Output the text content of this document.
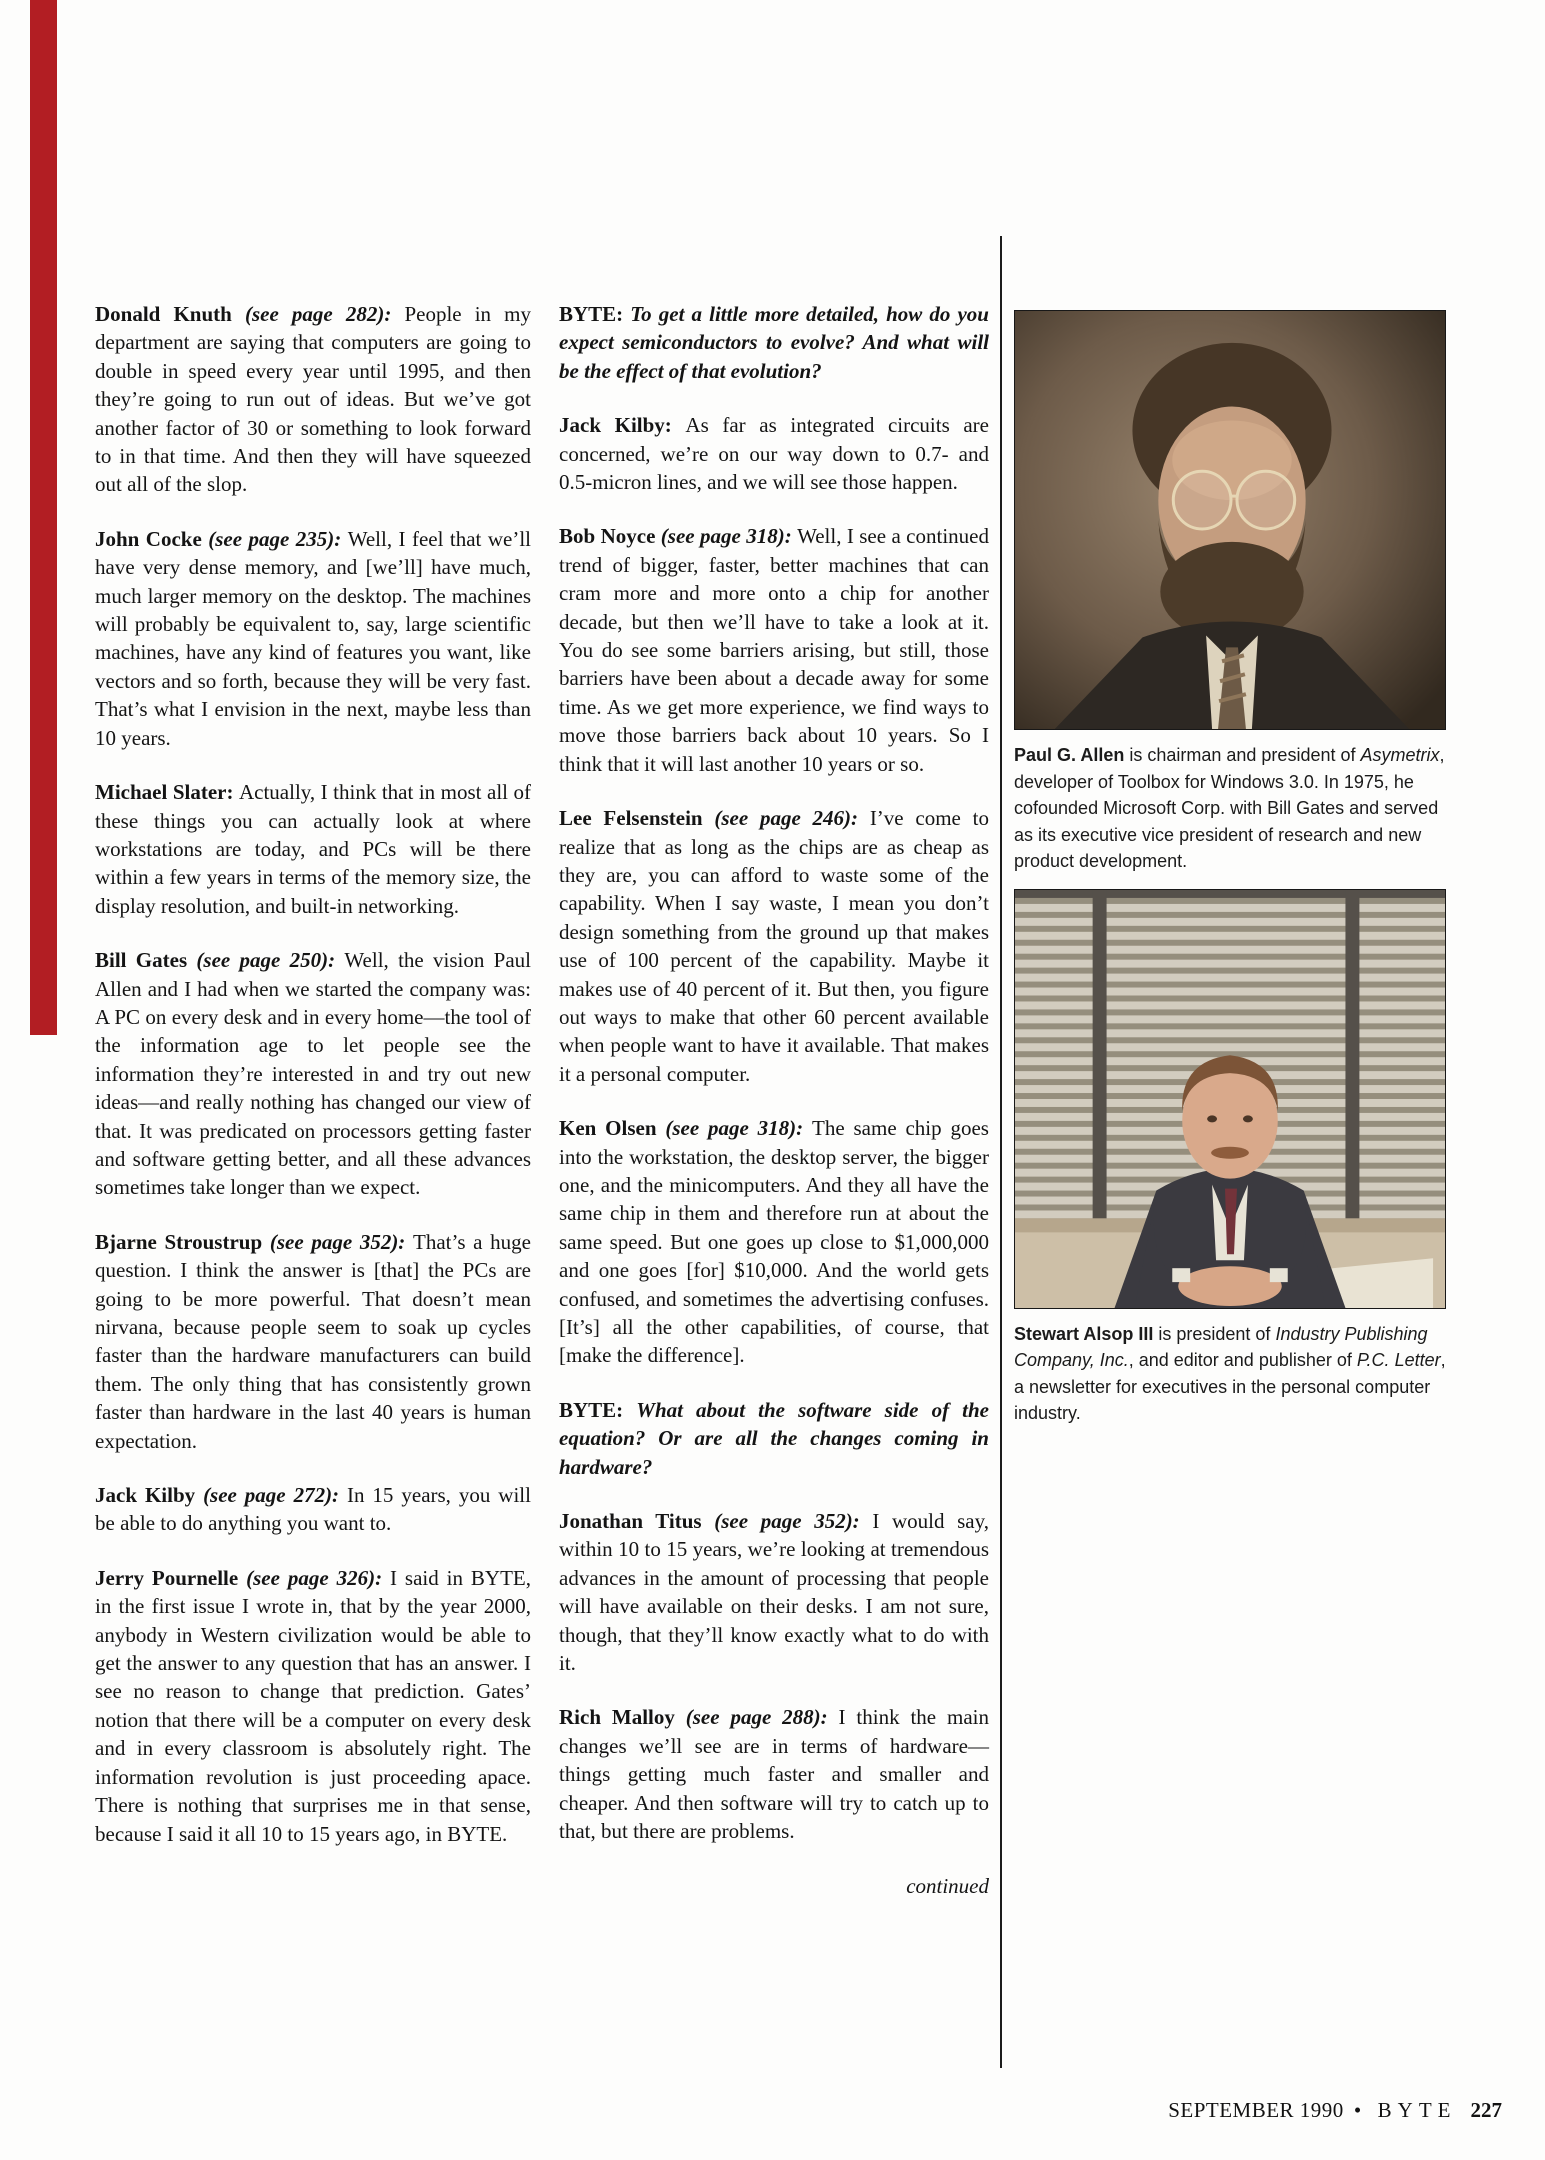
Donald Knuth (see page 282): People in my department are saying that computers are going to double in speed every year until 1995, and then they’re going to run out of ideas. But we’ve got another factor of 30 or something to look forward to in that time. And then they will have squeezed out all of the slop.

John Cocke (see page 235): Well, I feel that we’ll have very dense memory, and [we’ll] have much, much larger memory on the desktop. The machines will probably be equivalent to, say, large scientific machines, have any kind of features you want, like vectors and so forth, because they will be very fast. That’s what I envision in the next, maybe less than 10 years.

Michael Slater: Actually, I think that in most all of these things you can actually look at where workstations are today, and PCs will be there within a few years in terms of the memory size, the display resolution, and built-in networking.

Bill Gates (see page 250): Well, the vision Paul Allen and I had when we started the company was: A PC on every desk and in every home—the tool of the information age to let people see the information they’re interested in and try out new ideas—and really nothing has changed our view of that. It was predicated on processors getting faster and software getting better, and all these advances sometimes take longer than we expect.

Bjarne Stroustrup (see page 352): That’s a huge question. I think the answer is [that] the PCs are going to be more powerful. That doesn’t mean nirvana, because people seem to soak up cycles faster than the hardware manufacturers can build them. The only thing that has consistently grown faster than hardware in the last 40 years is human expectation.

Jack Kilby (see page 272): In 15 years, you will be able to do anything you want to.

Jerry Pournelle (see page 326): I said in BYTE, in the first issue I wrote in, that by the year 2000, anybody in Western civilization would be able to get the answer to any question that has an answer. I see no reason to change that prediction. Gates’ notion that there will be a computer on every desk and in every classroom is absolutely right. The information revolution is just proceeding apace. There is nothing that surprises me in that sense, because I said it all 10 to 15 years ago, in BYTE.

BYTE: To get a little more detailed, how do you expect semiconductors to evolve? And what will be the effect of that evolution?

Jack Kilby: As far as integrated circuits are concerned, we’re on our way down to 0.7- and 0.5-micron lines, and we will see those happen.

Bob Noyce (see page 318): Well, I see a continued trend of bigger, faster, better machines that can cram more and more onto a chip for another decade, but then we’ll have to take a look at it. You do see some barriers arising, but still, those barriers have been about a decade away for some time. As we get more experience, we find ways to move those barriers back about 10 years. So I think that it will last another 10 years or so.

Lee Felsenstein (see page 246): I’ve come to realize that as long as the chips are as cheap as they are, you can afford to waste some of the capability. When I say waste, I mean you don’t design something from the ground up that makes use of 100 percent of the capability. Maybe it makes use of 40 percent of it. But then, you figure out ways to make that other 60 percent available when people want to have it available. That makes it a personal computer.

Ken Olsen (see page 318): The same chip goes into the workstation, the desktop server, the bigger one, and the minicomputers. And they all have the same chip in them and therefore run at about the same speed. But one goes up close to $1,000,000 and one goes [for] $10,000. And the world gets confused, and sometimes the advertising confuses. [It’s] all the other capabilities, of course, that [make the difference].

BYTE: What about the software side of the equation? Or are all the changes coming in hardware?

Jonathan Titus (see page 352): I would say, within 10 to 15 years, we’re looking at tremendous advances in the amount of processing that people will have available on their desks. I am not sure, though, that they’ll know exactly what to do with it.

Rich Malloy (see page 288): I think the main changes we’ll see are in terms of hardware—things getting much faster and smaller and cheaper. And then software will try to catch up to that, but there are problems.

continued

Paul G. Allen is chairman and president of Asymetrix, developer of Toolbox for Windows 3.0. In 1975, he cofounded Microsoft Corp. with Bill Gates and served as its executive vice president of research and new product development.
Stewart Alsop III is president of Industry Publishing Company, Inc., and editor and publisher of P.C. Letter, a newsletter for executives in the personal computer industry.
SEPTEMBER 1990 • BYTE 227
